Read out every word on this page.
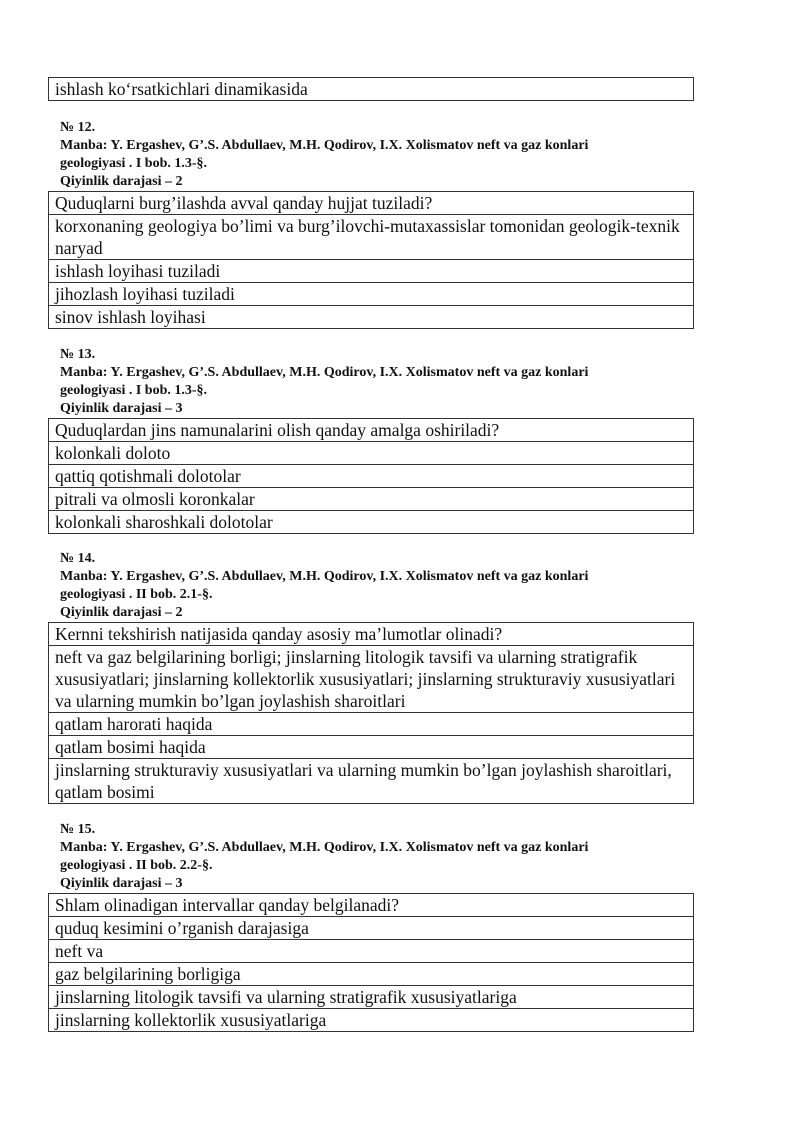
ishlash ko‘rsatkichlari dinamikasida

№ 12.

Manba: Y. Ergashev, G’.S. Abdullaev, M.H. Qodirov, I.X. Xolismatov neft va gaz konlari

geologiyasi . I bob. 1.3-§.

Qiyinlik darajasi – 2

Quduqlarni burg’ilashda avval qanday hujjat tuziladi?
korxonaning geologiya bo’limi va burg’ilovchi-mutaxassislar tomonidan geologik-texnik naryad
ishlash loyihasi tuziladi
jihozlash loyihasi tuziladi
sinov ishlash loyihasi

№ 13.

Manba: Y. Ergashev, G’.S. Abdullaev, M.H. Qodirov, I.X. Xolismatov neft va gaz konlari

geologiyasi . I bob. 1.3-§.

Qiyinlik darajasi – 3

Quduqlardan jins namunalarini olish qanday amalga oshiriladi?
kolonkali doloto
qattiq qotishmali dolotolar
pitrali va olmosli koronkalar
kolonkali sharoshkali dolotolar

№ 14.

Manba: Y. Ergashev, G’.S. Abdullaev, M.H. Qodirov, I.X. Xolismatov neft va gaz konlari

geologiyasi . II bob. 2.1-§.

Qiyinlik darajasi – 2

Kernni tekshirish natijasida qanday asosiy ma’lumotlar olinadi?
neft va gaz belgilarining borligi; jinslarning litologik tavsifi va ularning stratigrafik xususiyatlari; jinslarning kollektorlik xususiyatlari; jinslarning strukturaviy xususiyatlari va ularning mumkin bo’lgan joylashish sharoitlari
qatlam harorati haqida
qatlam bosimi haqida
jinslarning strukturaviy xususiyatlari va ularning mumkin bo’lgan joylashish sharoitlari, qatlam bosimi

№ 15.

Manba: Y. Ergashev, G’.S. Abdullaev, M.H. Qodirov, I.X. Xolismatov neft va gaz konlari

geologiyasi . II bob. 2.2-§.

Qiyinlik darajasi – 3

Shlam olinadigan intervallar qanday belgilanadi?
quduq kesimini o’rganish darajasiga
neft va
gaz belgilarining borligiga
jinslarning litologik tavsifi va ularning stratigrafik xususiyatlariga
jinslarning kollektorlik xususiyatlariga
